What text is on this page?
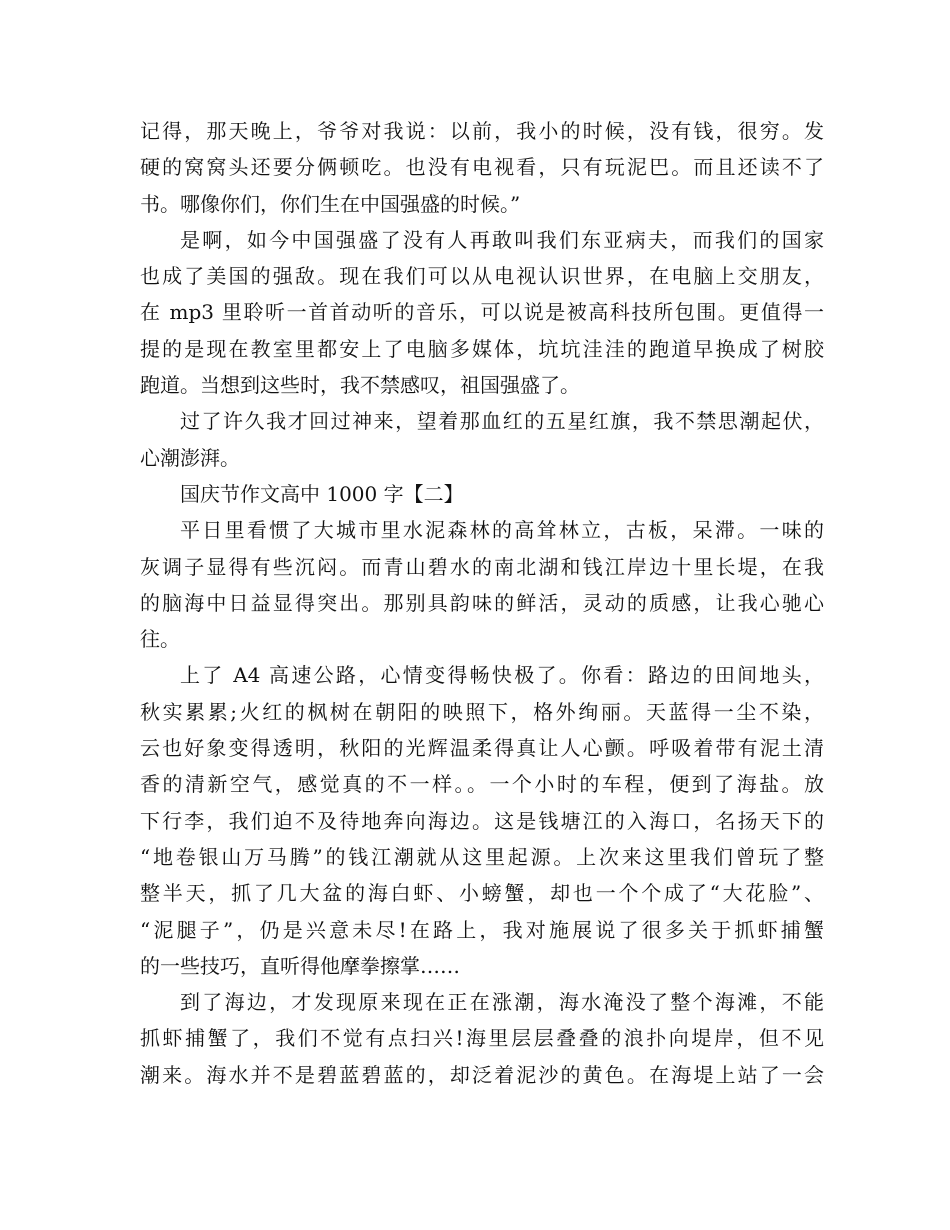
记得，那天晚上，爷爷对我说：以前，我小的时候，没有钱，很穷。发
硬的窝窝头还要分俩顿吃。也没有电视看，只有玩泥巴。而且还读不了
书。哪像你们，你们生在中国强盛的时候。”
是啊，如今中国强盛了没有人再敢叫我们东亚病夫，而我们的国家
也成了美国的强敌。现在我们可以从电视认识世界，在电脑上交朋友，
在 mp3 里聆听一首首动听的音乐，可以说是被高科技所包围。更值得一
提的是现在教室里都安上了电脑多媒体，坑坑洼洼的跑道早换成了树胶
跑道。当想到这些时，我不禁感叹，祖国强盛了。
过了许久我才回过神来，望着那血红的五星红旗，我不禁思潮起伏，
心潮澎湃。
国庆节作文高中 1000 字【二】
平日里看惯了大城市里水泥森林的高耸林立，古板，呆滞。一味的
灰调子显得有些沉闷。而青山碧水的南北湖和钱江岸边十里长堤，在我
的脑海中日益显得突出。那别具韵味的鲜活，灵动的质感，让我心驰心
往。
上了 A4 高速公路，心情变得畅快极了。你看：路边的田间地头，
秋实累累;火红的枫树在朝阳的映照下，格外绚丽。天蓝得一尘不染，
云也好象变得透明，秋阳的光辉温柔得真让人心颤。呼吸着带有泥土清
香的清新空气，感觉真的不一样。。一个小时的车程，便到了海盐。放
下行李，我们迫不及待地奔向海边。这是钱塘江的入海口，名扬天下的
“地卷银山万马腾”的钱江潮就从这里起源。上次来这里我们曾玩了整
整半天，抓了几大盆的海白虾、小螃蟹，却也一个个成了“大花脸”、
“泥腿子”，仍是兴意未尽!在路上，我对施展说了很多关于抓虾捕蟹
的一些技巧，直听得他摩拳擦掌……
到了海边，才发现原来现在正在涨潮，海水淹没了整个海滩，不能
抓虾捕蟹了，我们不觉有点扫兴!海里层层叠叠的浪扑向堤岸，但不见
潮来。海水并不是碧蓝碧蓝的，却泛着泥沙的黄色。在海堤上站了一会
